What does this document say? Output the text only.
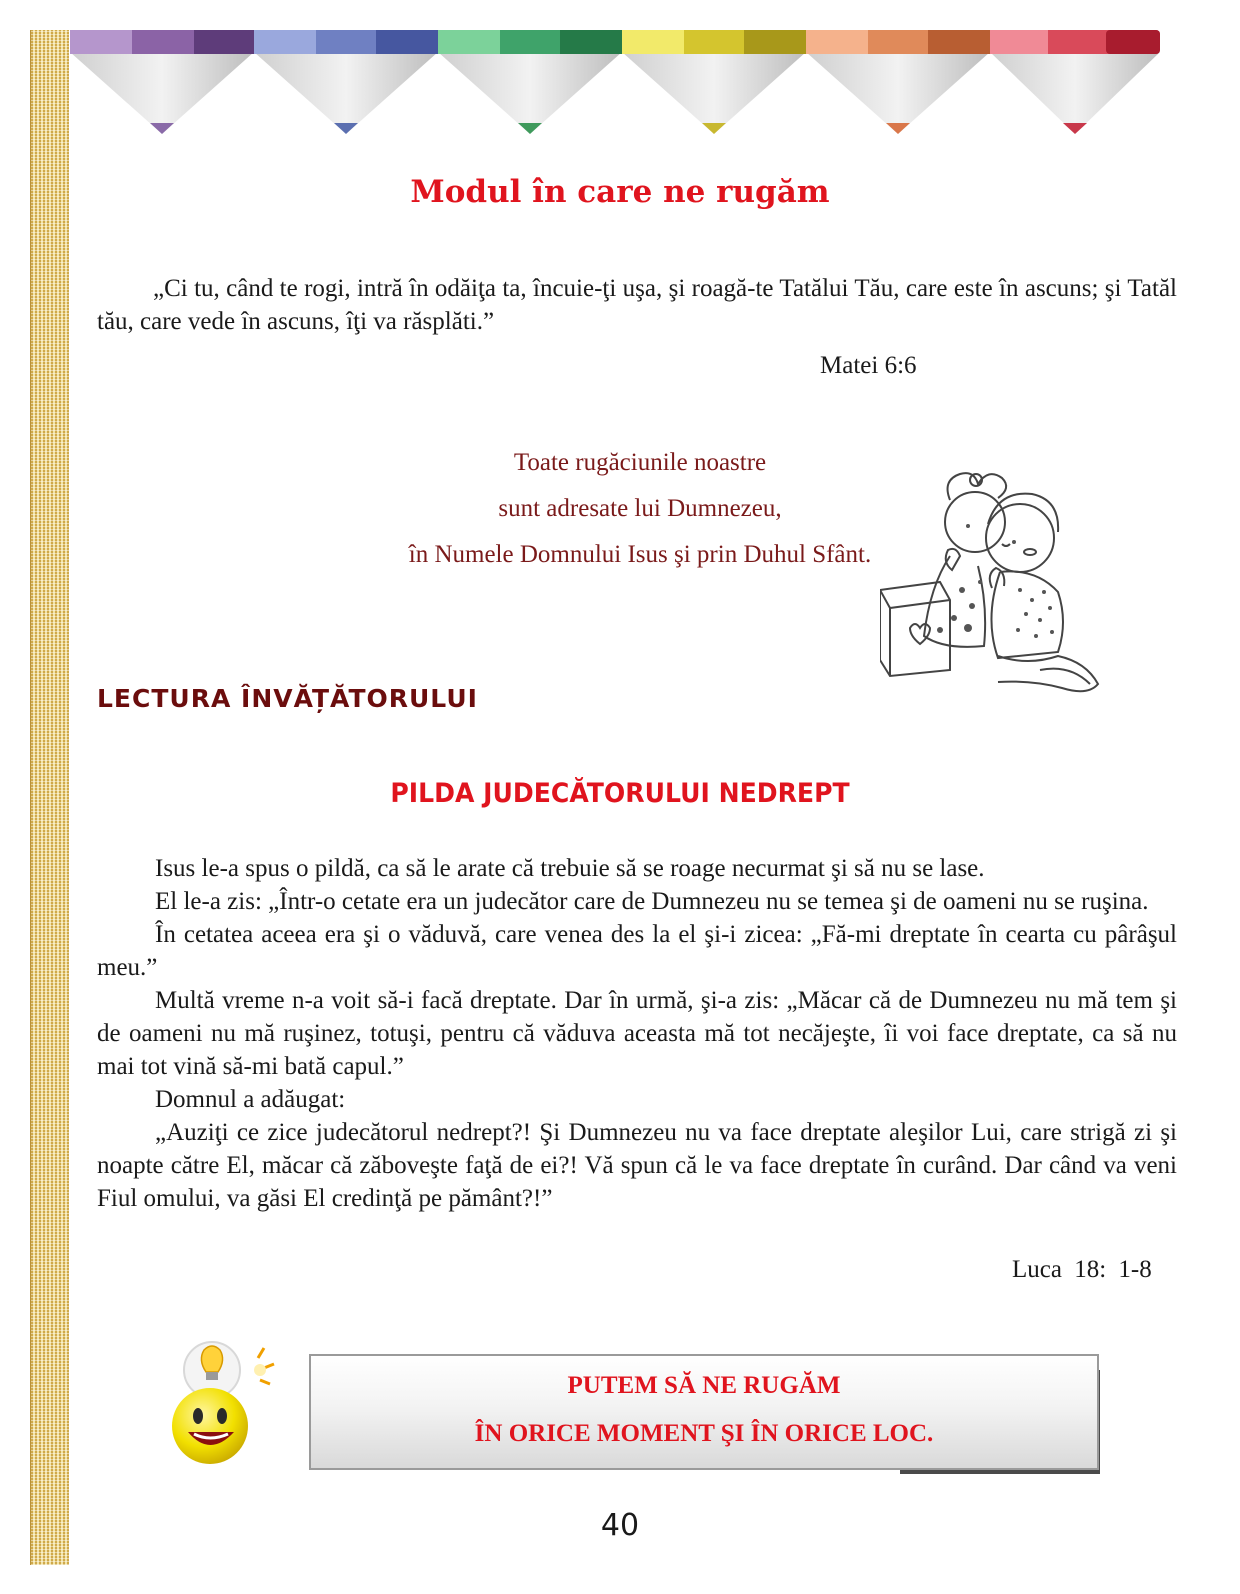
Modul în care ne rugăm

„Ci tu, când te rogi, intră în odăiţa ta, încuie-ţi uşa, şi roagă-te Tatălui Tău, care este în ascuns; şi Tatăl tău, care vede în ascuns, îţi va răsplăti.”

Matei 6:6

Toate rugăciunile noastre
sunt adresate lui Dumnezeu,
în Numele Domnului Isus şi prin Duhul Sfânt.
LECTURA ÎNVĂȚĂTORULUI
PILDA JUDECĂTORULUI NEDREPT

Isus le-a spus o pildă, ca să le arate că trebuie să se roage necurmat şi să nu se lase.

El le-a zis: „Într-o cetate era un judecător care de Dumnezeu nu se temea şi de oameni nu se ruşina.

În cetatea aceea era şi o văduvă, care venea des la el şi-i zicea: „Fă-mi dreptate în cearta cu pârâşul meu.”

Multă vreme n-a voit să-i facă dreptate. Dar în urmă, şi-a zis: „Măcar că de Dumnezeu nu mă tem şi de oameni nu mă ruşinez, totuşi, pentru că văduva aceasta mă tot necăjeşte, îi voi face dreptate, ca să nu mai tot vină să-mi bată capul.”

Domnul a adăugat:

„Auziţi ce zice judecătorul nedrept?! Şi Dumnezeu nu va face dreptate aleşilor Lui, care strigă zi şi noapte către El, măcar că zăboveşte faţă de ei?! Vă spun că le va face dreptate în curând. Dar când va veni Fiul omului, va găsi El credinţă pe pământ?!”

Luca 18: 1-8

PUTEM SĂ NE RUGĂM
ÎN ORICE MOMENT ŞI ÎN ORICE LOC.

40
